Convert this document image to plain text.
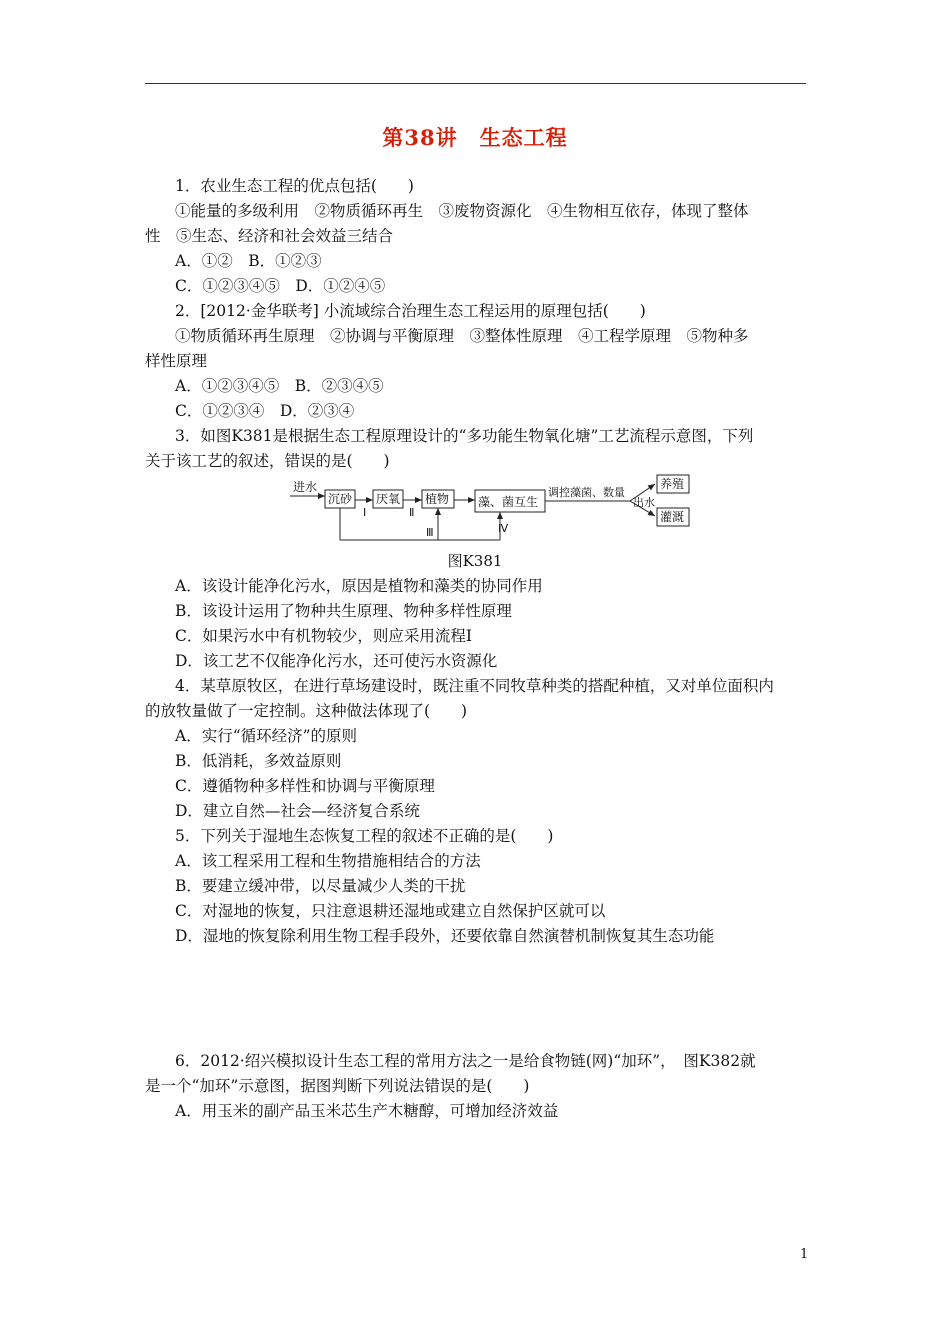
第38讲　生态工程
1．农业生态工程的优点包括(　　)
①能量的多级利用　②物质循环再生　③废物资源化　④生物相互依存，体现了整体
性　⑤生态、经济和社会效益三结合
A．①②　B．①②③
C．①②③④⑤　D．①②④⑤
2．[2012·金华联考] 小流域综合治理生态工程运用的原理包括(　　)
①物质循环再生原理　②协调与平衡原理　③整体性原理　④工程学原理　⑤物种多
样性原理
A．①②③④⑤　B．②③④⑤
C．①②③④　D．②③④
3．如图K381是根据生态工程原理设计的“多功能生物氧化塘”工艺流程示意图，下列
关于该工艺的叙述，错误的是(　　)
进水
沉砂 厌氧 植物 藻、菌互生
调控藻菌、数量
出水
养殖
灌溉
Ⅰ	Ⅱ
Ⅲ	Ⅳ
图K381
A．该设计能净化污水，原因是植物和藻类的协同作用
B．该设计运用了物种共生原理、物种多样性原理
C．如果污水中有机物较少，则应采用流程Ⅰ
D．该工艺不仅能净化污水，还可使污水资源化
4．某草原牧区，在进行草场建设时，既注重不同牧草种类的搭配种植，又对单位面积内
的放牧量做了一定控制。这种做法体现了(　　)
A．实行“循环经济”的原则
B．低消耗，多效益原则
C．遵循物种多样性和协调与平衡原理
D．建立自然—社会—经济复合系统
5．下列关于湿地生态恢复工程的叙述不正确的是(　　)
A．该工程采用工程和生物措施相结合的方法
B．要建立缓冲带，以尽量减少人类的干扰
C．对湿地的恢复，只注意退耕还湿地或建立自然保护区就可以
D．湿地的恢复除利用生物工程手段外，还要依靠自然演替机制恢复其生态功能
6．2012·绍兴模拟设计生态工程的常用方法之一是给食物链(网)“加环”，　图K382就
是一个“加环”示意图，据图判断下列说法错误的是(　　)
A．用玉米的副产品玉米芯生产木糖醇，可增加经济效益
1
